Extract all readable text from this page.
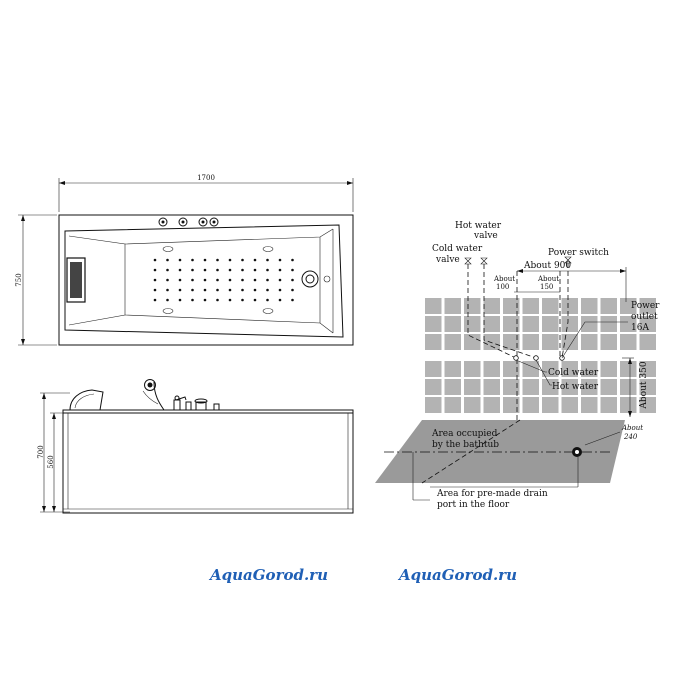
1700
750
700
560
About 900
About 100
About 150
Hot water valve
Cold water valve
Power switch
Cold water
Hot water
Power outlet 16A
About 350
About 240
Area occupied by the bathtub
Area for pre-made drain port in the floor
AquaGorod.ru	AquaGorod.ru
